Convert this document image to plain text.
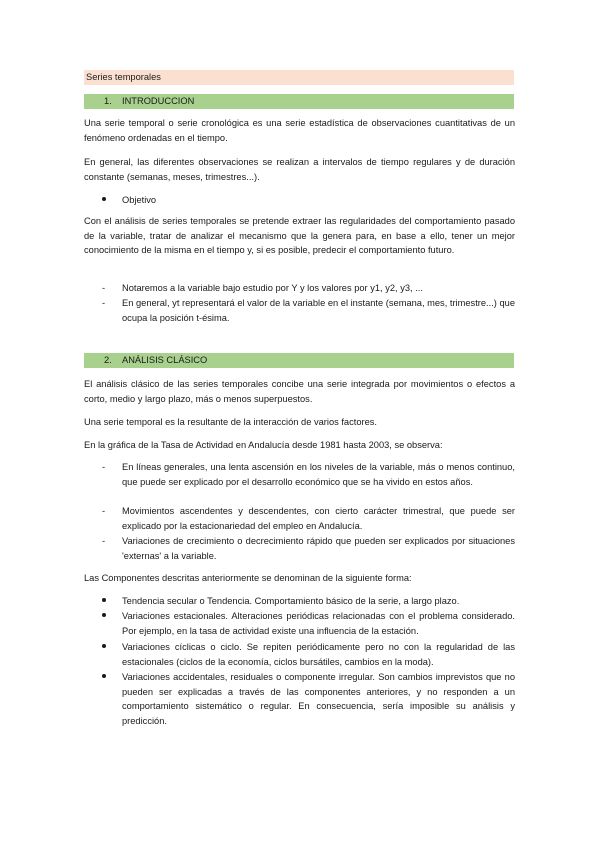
Series temporales
1. INTRODUCCION

Una serie temporal o serie cronológica es una serie estadística de observaciones cuantitativas de un fenómeno ordenadas en el tiempo.

En general, las diferentes observaciones se realizan a intervalos de tiempo regulares y de duración constante (semanas, meses, trimestres...).

Objetivo

Con el análisis de series temporales se pretende extraer las regularidades del comportamiento pasado de la variable, tratar de analizar el mecanismo que la genera para, en base a ello, tener un mejor conocimiento de la misma en el tiempo y, si es posible, predecir el comportamiento futuro.

- Notaremos a la variable bajo estudio por Y y los valores por y1, y2, y3, ...
- En general, yt representará el valor de la variable en el instante (semana, mes, trimestre...) que ocupa la posición t-ésima.
2. ANÁLISIS CLÁSICO

El análisis clásico de las series temporales concibe una serie integrada por movimientos o efectos a corto, medio y largo plazo, más o menos superpuestos.

Una serie temporal es la resultante de la interacción de varios factores.

En la gráfica de la Tasa de Actividad en Andalucía desde 1981 hasta 2003, se observa:

- En líneas generales, una lenta ascensión en los niveles de la variable, más o menos continuo, que puede ser explicado por el desarrollo económico que se ha vivido en estos años.
- Movimientos ascendentes y descendentes, con cierto carácter trimestral, que puede ser explicado por la estacionariedad del empleo en Andalucía.
- Variaciones de crecimiento o decrecimiento rápido que pueden ser explicados por situaciones 'externas' a la variable.

Las Componentes descritas anteriormente se denominan de la siguiente forma:

Tendencia secular o Tendencia. Comportamiento básico de la serie, a largo plazo.
Variaciones estacionales. Alteraciones periódicas relacionadas con el problema considerado. Por ejemplo, en la tasa de actividad existe una influencia de la estación.
Variaciones cíclicas o ciclo. Se repiten periódicamente pero no con la regularidad de las estacionales (ciclos de la economía, ciclos bursátiles, cambios en la moda).
Variaciones accidentales, residuales o componente irregular. Son cambios imprevistos que no pueden ser explicadas a través de las componentes anteriores, y no responden a un comportamiento sistemático o regular. En consecuencia, sería imposible su análisis y predicción.
